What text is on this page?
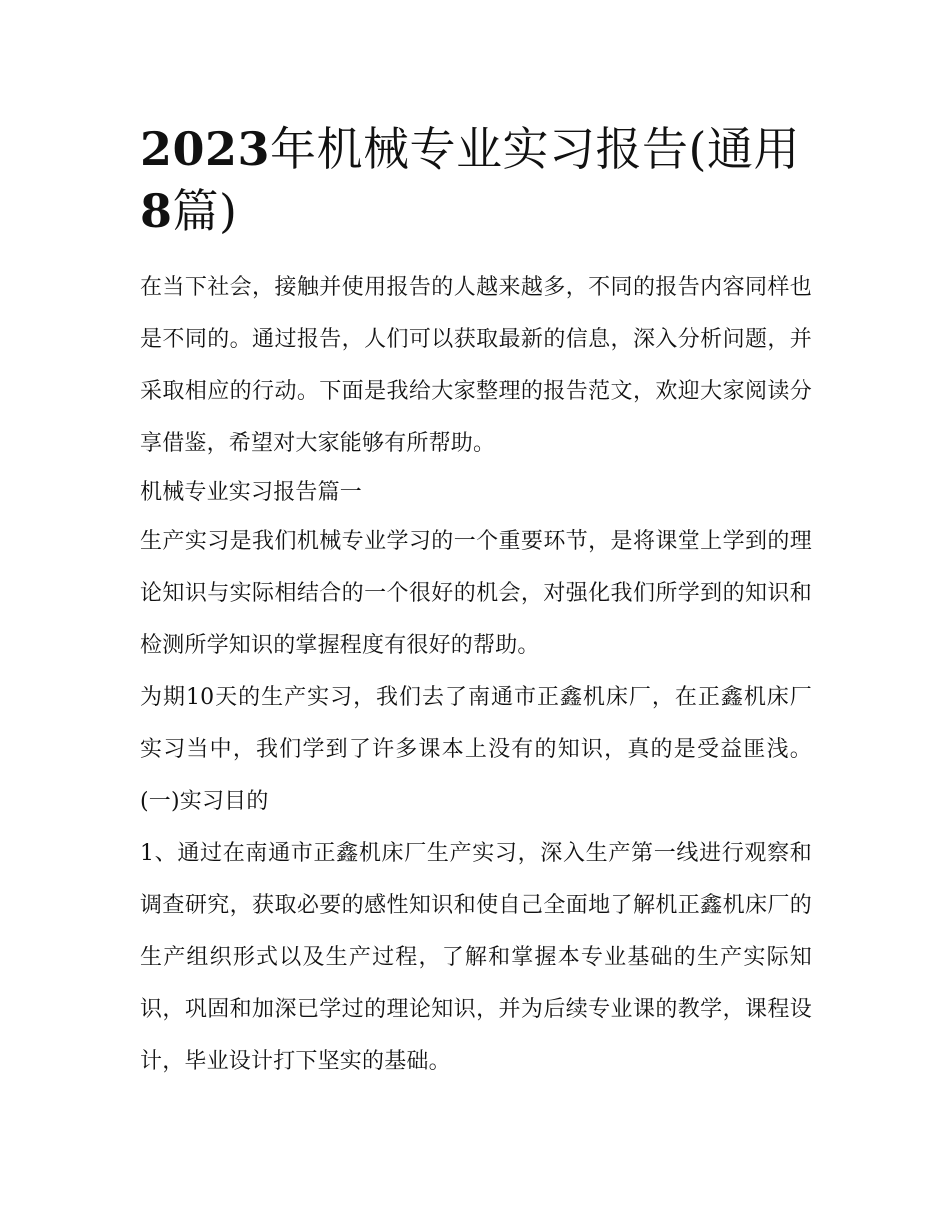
2023年机械专业实习报告(通用8篇)

在当下社会，接触并使用报告的人越来越多，不同的报告内容同样也是不同的。通过报告，人们可以获取最新的信息，深入分析问题，并采取相应的行动。下面是我给大家整理的报告范文，欢迎大家阅读分享借鉴，希望对大家能够有所帮助。

机械专业实习报告篇一

生产实习是我们机械专业学习的一个重要环节，是将课堂上学到的理论知识与实际相结合的一个很好的机会，对强化我们所学到的知识和检测所学知识的掌握程度有很好的帮助。

为期10天的生产实习，我们去了南通市正鑫机床厂，在正鑫机床厂实习当中，我们学到了许多课本上没有的知识，真的是受益匪浅。 (一)实习目的

1、通过在南通市正鑫机床厂生产实习，深入生产第一线进行观察和调查研究，获取必要的感性知识和使自己全面地了解机正鑫机床厂的生产组织形式以及生产过程，了解和掌握本专业基础的生产实际知识，巩固和加深已学过的理论知识，并为后续专业课的教学，课程设计，毕业设计打下坚实的基础。
